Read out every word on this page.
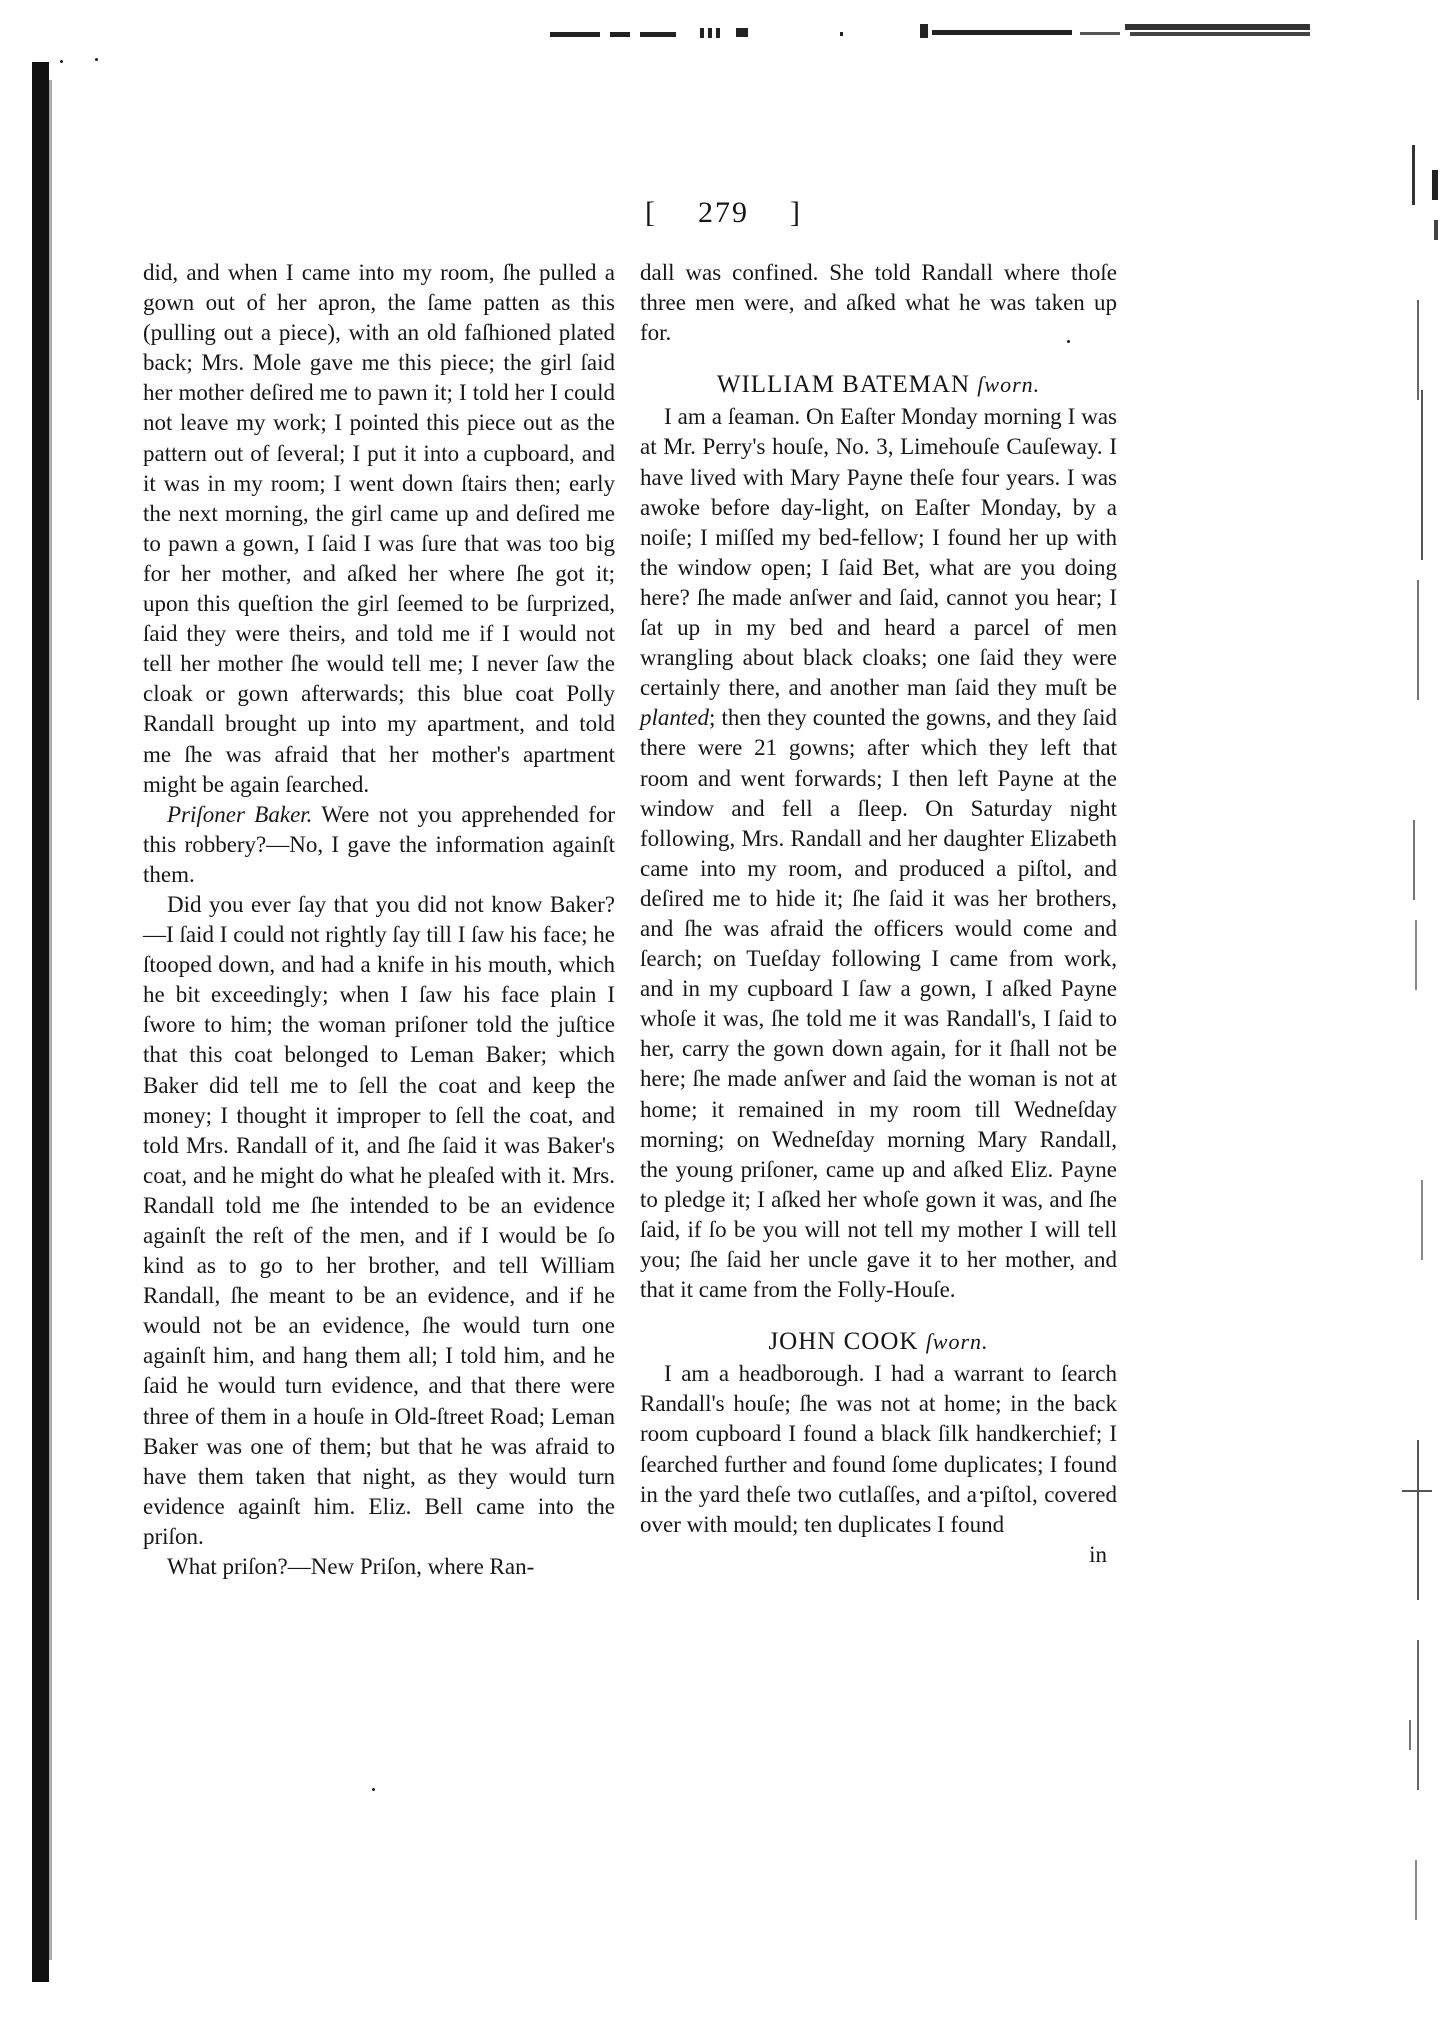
[ 279 ]

did, and when I came into my room, ſhe pulled a gown out of her apron, the ſame patten as this (pulling out a piece), with an old faſhioned plated back; Mrs. Mole gave me this piece; the girl ſaid her mother deſired me to pawn it; I told her I could not leave my work; I pointed this piece out as the pattern out of ſeveral; I put it into a cupboard, and it was in my room; I went down ſtairs then; early the next morning, the girl came up and deſired me to pawn a gown, I ſaid I was ſure that was too big for her mother, and aſked her where ſhe got it; upon this queſtion the girl ſeemed to be ſurprized, ſaid they were theirs, and told me if I would not tell her mother ſhe would tell me; I never ſaw the cloak or gown afterwards; this blue coat Polly Randall brought up into my apartment, and told me ſhe was afraid that her mother's apartment might be again ſearched.

Priſoner Baker. Were not you apprehended for this robbery?—No, I gave the information againſt them.

Did you ever ſay that you did not know Baker?—I ſaid I could not rightly ſay till I ſaw his face; he ſtooped down, and had a knife in his mouth, which he bit exceedingly; when I ſaw his face plain I ſwore to him; the woman priſoner told the juſtice that this coat belonged to Leman Baker; which Baker did tell me to ſell the coat and keep the money; I thought it improper to ſell the coat, and told Mrs. Randall of it, and ſhe ſaid it was Baker's coat, and he might do what he pleaſed with it. Mrs. Randall told me ſhe intended to be an evidence againſt the reſt of the men, and if I would be ſo kind as to go to her brother, and tell William Randall, ſhe meant to be an evidence, and if he would not be an evidence, ſhe would turn one againſt him, and hang them all; I told him, and he ſaid he would turn evidence, and that there were three of them in a houſe in Old-ſtreet Road; Leman Baker was one of them; but that he was afraid to have them taken that night, as they would turn evidence againſt him. Eliz. Bell came into the priſon.

What priſon?—New Priſon, where Ran-

dall was confined. She told Randall where thoſe three men were, and aſked what he was taken up for.

WILLIAM BATEMAN ſworn.

I am a ſeaman. On Eaſter Monday morning I was at Mr. Perry's houſe, No. 3, Limehouſe Cauſeway. I have lived with Mary Payne theſe four years. I was awoke before day-light, on Eaſter Monday, by a noiſe; I miſſed my bed-fellow; I found her up with the window open; I ſaid Bet, what are you doing here? ſhe made anſwer and ſaid, cannot you hear; I ſat up in my bed and heard a parcel of men wrangling about black cloaks; one ſaid they were certainly there, and another man ſaid they muſt be planted; then they counted the gowns, and they ſaid there were 21 gowns; after which they left that room and went forwards; I then left Payne at the window and fell a ſleep. On Saturday night following, Mrs. Randall and her daughter Elizabeth came into my room, and produced a piſtol, and deſired me to hide it; ſhe ſaid it was her brothers, and ſhe was afraid the officers would come and ſearch; on Tueſday following I came from work, and in my cupboard I ſaw a gown, I aſked Payne whoſe it was, ſhe told me it was Randall's, I ſaid to her, carry the gown down again, for it ſhall not be here; ſhe made anſwer and ſaid the woman is not at home; it remained in my room till Wedneſday morning; on Wedneſday morning Mary Randall, the young priſoner, came up and aſked Eliz. Payne to pledge it; I aſked her whoſe gown it was, and ſhe ſaid, if ſo be you will not tell my mother I will tell you; ſhe ſaid her uncle gave it to her mother, and that it came from the Folly-Houſe.

JOHN COOK ſworn.

I am a headborough. I had a warrant to ſearch Randall's houſe; ſhe was not at home; in the back room cupboard I found a black ſilk handkerchief; I ſearched further and found ſome duplicates; I found in the yard theſe two cutlaſſes, and a piſtol, covered over with mould; ten duplicates I found

in
